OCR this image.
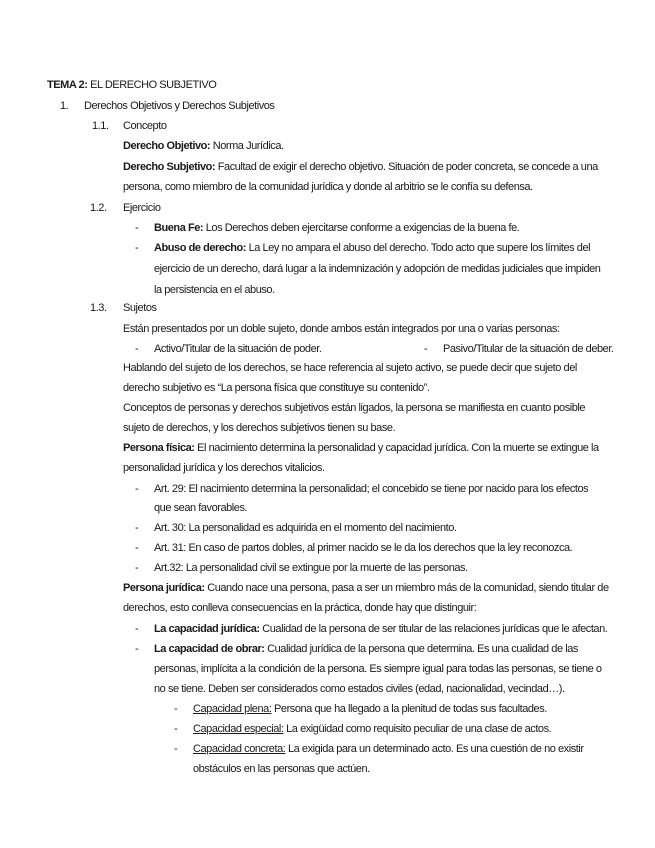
TEMA 2: EL DERECHO SUBJETIVO
1. Derechos Objetivos y Derechos Subjetivos
1.1. Concepto
Derecho Objetivo: Norma Jurídica.
Derecho Subjetivo: Facultad de exigir el derecho objetivo. Situación de poder concreta, se concede a una
persona, como miembro de la comunidad jurídica y donde al arbitrio se le confía su defensa.
1.2. Ejercicio
- Buena Fe: Los Derechos deben ejercitarse conforme a exigencias de la buena fe.
- Abuso de derecho: La Ley no ampara el abuso del derecho. Todo acto que supere los límites del
ejercicio de un derecho, dará lugar a la indemnización y adopción de medidas judiciales que impiden
la persistencia en el abuso.
1.3. Sujetos
Están presentados por un doble sujeto, donde ambos están integrados por una o varias personas:
- Activo/Titular de la situación de poder.	- Pasivo/Titular de la situación de deber.
Hablando del sujeto de los derechos, se hace referencia al sujeto activo, se puede decir que sujeto del
derecho subjetivo es “La persona física que constituye su contenido”.
Conceptos de personas y derechos subjetivos están ligados, la persona se manifiesta en cuanto posible
sujeto de derechos, y los derechos subjetivos tienen su base.
Persona física: El nacimiento determina la personalidad y capacidad jurídica. Con la muerte se extingue la
personalidad jurídica y los derechos vitalicios.
- Art. 29: El nacimiento determina la personalidad; el concebido se tiene por nacido para los efectos
que sean favorables.
- Art. 30: La personalidad es adquirida en el momento del nacimiento.
- Art. 31: En caso de partos dobles, al primer nacido se le da los derechos que la ley reconozca.
- Art.32: La personalidad civil se extingue por la muerte de las personas.
Persona jurídica: Cuando nace una persona, pasa a ser un miembro más de la comunidad, siendo titular de
derechos, esto conlleva consecuencias en la práctica, donde hay que distinguir:
- La capacidad jurídica: Cualidad de la persona de ser titular de las relaciones jurídicas que le afectan.
- La capacidad de obrar: Cualidad jurídica de la persona que determina. Es una cualidad de las
personas, implícita a la condición de la persona. Es siempre igual para todas las personas, se tiene o
no se tiene. Deben ser considerados como estados civiles (edad, nacionalidad, vecindad…).
- Capacidad plena: Persona que ha llegado a la plenitud de todas sus facultades.
- Capacidad especial: La exigüidad como requisito peculiar de una clase de actos.
- Capacidad concreta: La exigida para un determinado acto. Es una cuestión de no existir
obstáculos en las personas que actúen.
